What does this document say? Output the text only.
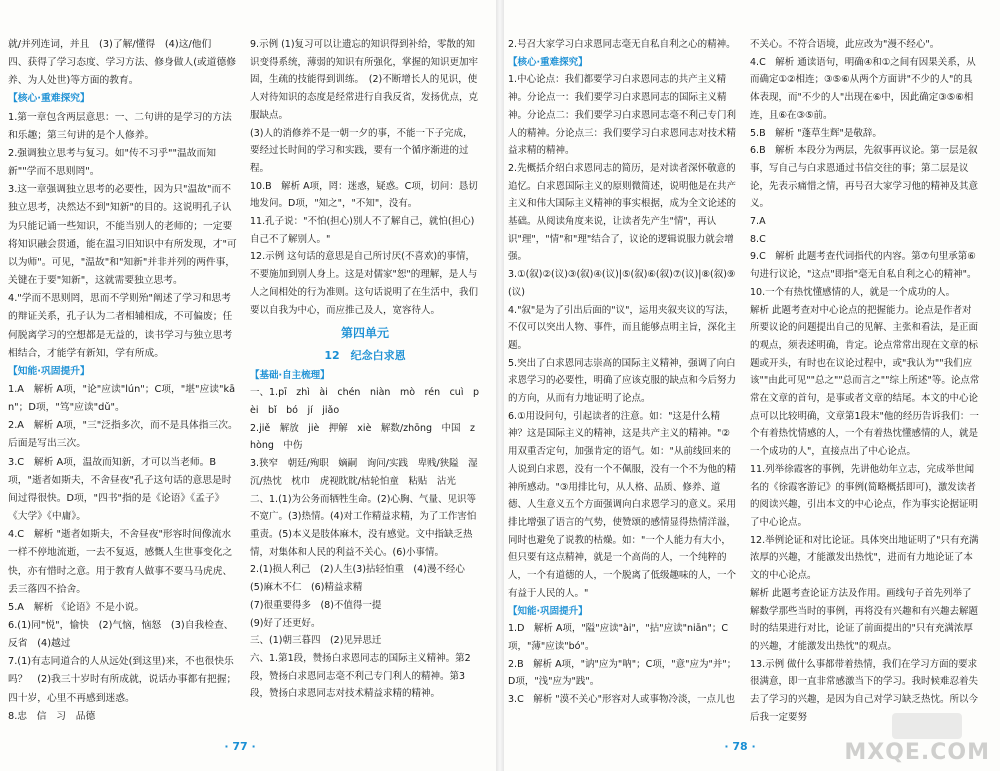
就/并列连词，并且　(3)了解/懂得　(4)这/他们

四、获得了学习态度、学习方法、修身做人(或道德修养、为人处世)等方面的教育。

【核心·重难探究】

1.第一章包含两层意思：一、二句讲的是学习的方法和乐趣；第三句讲的是个人修养。

2.强调独立思考与复习。如"传不习乎""温故而知新""学而不思则罔"。

3.这一章强调独立思考的必要性，因为只"温故"而不独立思考，决然达不到"知新"的目的。这说明孔子认为只能记诵一些知识，不能当别人的老师的；一定要将知识融会贯通，能在温习旧知识中有所发现，才"可以为师"。可见，"温故"和"知新"并非并列的两件事，关键在于要"知新"，这就需要独立思考。

4."学而不思则罔，思而不学则殆"阐述了学习和思考的辩证关系，孔子认为二者相辅相成，不可偏废；任何脱离学习的空想都是无益的，读书学习与独立思考相结合，才能学有新知，学有所成。

【知能·巩固提升】

1.A　解析 A项，"论"应读"lún"；C项，"堪"应读"kān"；D项，"笃"应读"dǔ"。

2.A　解析 A项，"三"泛指多次，而不是具体指三次。后面是写出三次。

3.C　解析 A项，温故而知新，才可以当老师。B项，"逝者如斯夫，不舍昼夜"孔子这句话的意思是时间过得很快。D项，"四书"指的是《论语》《孟子》《大学》《中庸》。

4.C　解析 "逝者如斯夫，不舍昼夜"形容时间像流水一样不停地流逝，一去不复返，感慨人生世事变化之快，亦有惜时之意。用于教育人做事不要马马虎虎、丢三落四不拾舍。

5.A　解析 《论语》不是小说。

6.(1)同"悦"，愉快　(2)气恼，恼怒　(3)自我检查、反省　(4)越过

7.(1)有志同道合的人从远处(到这里)来，不也很快乐吗？　(2)我三十岁时有所成就，说话办事都有把握；四十岁，心里不再感到迷惑。

8.忠　信　习　品德

9.示例 (1)复习可以让遗忘的知识得到补给，零散的知识变得系统，薄弱的知识有所强化，掌握的知识更加牢固，生疏的技能得到训练。　(2)不断增长人的见识，使人对待知识的态度是经常进行自我反省，发扬优点，克服缺点。

(3)人的消修养不是一朝一夕的事，不能一下子完成，要经过长时间的学习和实践，要有一个循序渐进的过程。

10.B　解析 A项，罔：迷惑，疑惑。C项，切问：恳切地发问。D项，"知之"，"不知"，没有。

11.孔子说："不怕(担心)别人不了解自己，就怕(担心)自己不了解别人。"

12.示例 这句话的意思是自己所讨厌(不喜欢)的事情，不要施加到别人身上。这是对儒家"恕"的理解，是人与人之间相处的行为准则。这句话说明了在生活中，我们要以自我为中心，而应推己及人，宽容待人。

第四单元

12　纪念白求恩

【基础·自主梳理】

一、1.pī　zhì　ài　chén　niàn　mò　rén　cuì　pèi　bǐ　bó　jí　jiǎo

2.jiě　解放　jiè　押解　xiè　解数/zhōng　中国　zhòng　中伤

3.狭窄　朝廷/殉职　嫡嗣　询问/实践　卑贱/狭隘　湿沉/热忱　枕巾　虎视眈眈/枯轮怕童　粘贴　沾光

二、1.(1)为公务而牺牲生命。(2)心胸、气量、见识等不宽广。(3)热情。(4)对工作精益求精，为了工作害怕重责。(5)本义是肢体麻木，没有感觉。文中指缺乏热情，对集体和人民的利益不关心。(6)小事情。

2.(1)损人利己　(2)人生(3)拈轻怕重　(4)漫不经心　(5)麻木不仁　(6)精益求精

(7)很重要得多　(8)不值得一提

(9)好了还更好。

三、(1)朝三暮四　(2)见异思迁

六、1.第1段，赞扬白求恩同志的国际主义精神。第2段，赞扬白求恩同志毫不利己专门利人的精神。第3段，赞扬白求恩同志对技术精益求精的精神。

· 77 ·

2.号召大家学习白求恩同志毫无自私自利之心的精神。

【核心·重难探究】

1.中心论点：我们都要学习白求恩同志的共产主义精神。分论点一：我们要学习白求恩同志的国际主义精神。分论点二：我们要学习白求恩同志毫不利己专门利人的精神。分论点三：我们要学习白求恩同志对技术精益求精的精神。

2.先概括介绍白求恩同志的简历，是对读者深怀敬意的追忆。白求恩国际主义的原则微简述，说明他是在共产主义和伟大国际主义精神的事实根据，成为全文论述的基础。从阅读角度来说，让读者先产生"情"，再认识"理"，"情"和"理"结合了，议论的逻辑说服力就会增强。

3.①(叙)②(议)③(叙)④(议)|⑤(叙)⑥(叙)⑦(议)|⑧(叙)⑨(议)

4."叙"是为了引出后面的"议"，运用夹叙夹议的写法，不仅可以突出人物、事件，而且能够点明主旨，深化主题。

5.突出了白求恩同志崇高的国际主义精神，强调了向白求恩学习的必要性，明确了应该克服的缺点和今后努力的方向，从而有力地证明了论点。

6.①用设问句，引起读者的注意。如："这是什么精神？这是国际主义的精神，这是共产主义的精神。"②用双重否定句，加强肯定的语气。如："从前线回来的人说到白求恩，没有一个不佩服，没有一个不为他的精神所感动。"③用排比句，从人格、品质、修养、道德、人生意义五个方面强调向白求恩学习的意义。采用排比增强了语言的气势，使赞颂的感情显得热情洋溢，同时也避免了说教的枯燥。如："一个人能力有大小，但只要有这点精神，就是一个高尚的人，一个纯粹的人，一个有道德的人，一个脱离了低级趣味的人，一个有益于人民的人。"

【知能·巩固提升】

1.D　解析 A项，"隘"应读"ài"，"拈"应读"niān"；C项，"薄"应读"bó"。

2.B　解析 A项，"讷"应为"呐"；C项，"意"应为"并"；D项，"浅"应为"践"。

3.C　解析 "漠不关心"形容对人或事物冷淡，一点儿也

不关心。不符合语境，此应改为"漫不经心"。

4.C　解析 通读语句，明确④和①之间有因果关系，从而确定①②相连；③⑤⑥从两个方面讲"不少的人"的具体表现，而"不少的人"出现在⑥中，因此确定③⑤⑥相连，且⑥在③⑤前。

5.B　解析 "蓬草生辉"是敬辞。

6.B　解析 本段分为两层，先叙事再议论。第一层是叙事，写自己与白求恩通过书信交往的事；第二层是议论，先表示痛惜之情，再号召大家学习他的精神及其意义。

7.A

8.C

9.C　解析 此题考查代词指代的内容。第⑦句里承第⑥句进行议论，"这点"即指"毫无自私自利之心的精神"。

10.一个有热忱懂感情的人，就是一个成功的人。

解析 此题考查对中心论点的把握能力。论点是作者对所要议论的问题提出自己的见解、主张和看法，是正面的观点，须表述明确，肯定。论点常常出现在文章的标题或开头，有时也在议论过程中，或"我认为""我们应该""由此可见""总之""总而言之""综上所述"等。论点常常在文章的首句，是事或者文章的结尾。本文的中心论点可以比较明确，文章第1段末"他的经历告诉我们：一个有着热忱情感的人，一个有着热忱懂感情的人，就是一个成功的人"，直接点出了中心论点。

11.列举徐霞客的事例，先讲他幼年立志，完成举世闻名的《徐霞客游记》的事例(简略概括即可)，激发读者的阅读兴趣，引出本文的中心论点，作为事实论据证明了中心论点。

12.举例论证和对比论证。具体突出地证明了"只有充满浓厚的兴趣，才能激发出热忱"，进而有力地论证了本文的中心论点。

解析 此题考查论证方法及作用。画线句子首先列举了解数学那些当时的事例，再将没有兴趣和有兴趣去解题时的结果进行对比，论证了前面提出的"只有充满浓厚的兴趣，才能激发出热忱"的观点。

13.示例 做什么事都带着热情，我们在学习方面的要求很满意，即一直非常感激当下的学习。我时候难忍着失去了学习的兴趣，是因为自己对学习缺乏热忱。所以今后我一定要努

· 78 ·	MXQE.COM
